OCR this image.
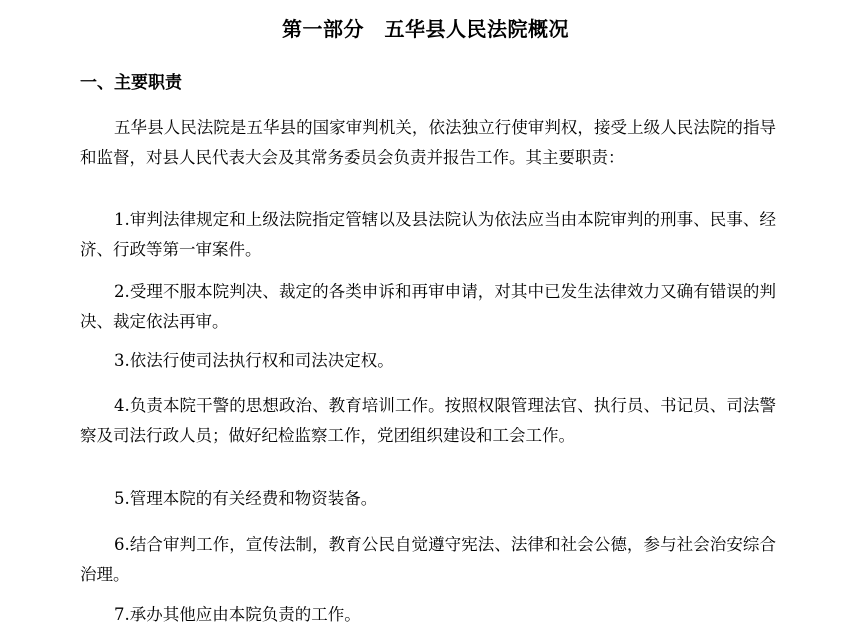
第一部分　五华县人民法院概况
一、主要职责

五华县人民法院是五华县的国家审判机关，依法独立行使审判权，接受上级人民法院的指导和监督，对县人民代表大会及其常务委员会负责并报告工作。其主要职责：

1.审判法律规定和上级法院指定管辖以及县法院认为依法应当由本院审判的刑事、民事、经济、行政等第一审案件。

2.受理不服本院判决、裁定的各类申诉和再审申请，对其中已发生法律效力又确有错误的判决、裁定依法再审。

3.依法行使司法执行权和司法决定权。

4.负责本院干警的思想政治、教育培训工作。按照权限管理法官、执行员、书记员、司法警察及司法行政人员；做好纪检监察工作，党团组织建设和工会工作。

5.管理本院的有关经费和物资装备。

6.结合审判工作，宣传法制，教育公民自觉遵守宪法、法律和社会公德，参与社会治安综合治理。

7.承办其他应由本院负责的工作。
